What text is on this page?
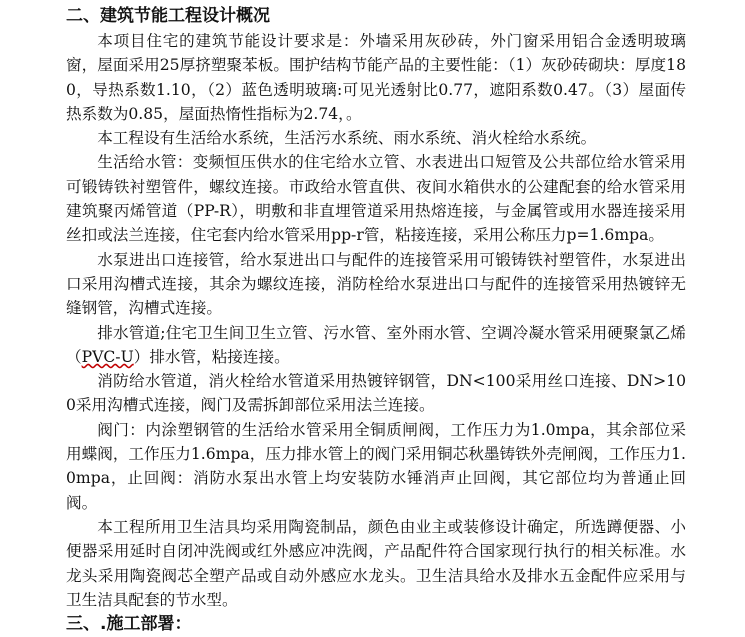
二、建筑节能工程设计概况

本项目住宅的建筑节能设计要求是：外墙采用灰砂砖，外门窗采用铝合金透明玻璃窗，屋面采用25厚挤塑聚苯板。围护结构节能产品的主要性能：（1）灰砂砖砌块：厚度180，导热系数1.10，（2）蓝色透明玻璃:可见光透射比0.77，遮阳系数0.47。（3）屋面传热系数为0.85，屋面热惰性指标为2.74，。

本工程设有生活给水系统，生活污水系统、雨水系统、消火栓给水系统。

生活给水管：变频恒压供水的住宅给水立管、水表进出口短管及公共部位给水管采用可锻铸铁衬塑管件，螺纹连接。市政给水管直供、夜间水箱供水的公建配套的给水管采用建筑聚丙烯管道（PP-R），明敷和非直埋管道采用热熔连接，与金属管或用水器连接采用丝扣或法兰连接，住宅套内给水管采用pp-r管，粘接连接，采用公称压力p=1.6mpa。

水泵进出口连接管，给水泵进出口与配件的连接管采用可锻铸铁衬塑管件，水泵进出口采用沟槽式连接，其余为螺纹连接，消防栓给水泵进出口与配件的连接管采用热镀锌无缝钢管，沟槽式连接。

排水管道;住宅卫生间卫生立管、污水管、室外雨水管、空调冷凝水管采用硬聚氯乙烯（PVC-U）排水管，粘接连接。

消防给水管道，消火栓给水管道采用热镀锌钢管，DN<100采用丝口连接、DN>100采用沟槽式连接，阀门及需拆卸部位采用法兰连接。

阀门：内涂塑钢管的生活给水管采用全铜质闸阀，工作压力为1.0mpa，其余部位采用蝶阀，工作压力1.6mpa，压力排水管上的阀门采用铜芯秋墨铸铁外壳闸阀，工作压力1.0mpa，止回阀：消防水泵出水管上均安装防水锤消声止回阀，其它部位均为普通止回阀。

本工程所用卫生洁具均采用陶瓷制品，颜色由业主或装修设计确定，所选蹲便器、小便器采用延时自闭冲洗阀或红外感应冲洗阀，产品配件符合国家现行执行的相关标准。水龙头采用陶瓷阀芯全塑产品或自动外感应水龙头。卫生洁具给水及排水五金配件应采用与卫生洁具配套的节水型。

三、.施工部署：
